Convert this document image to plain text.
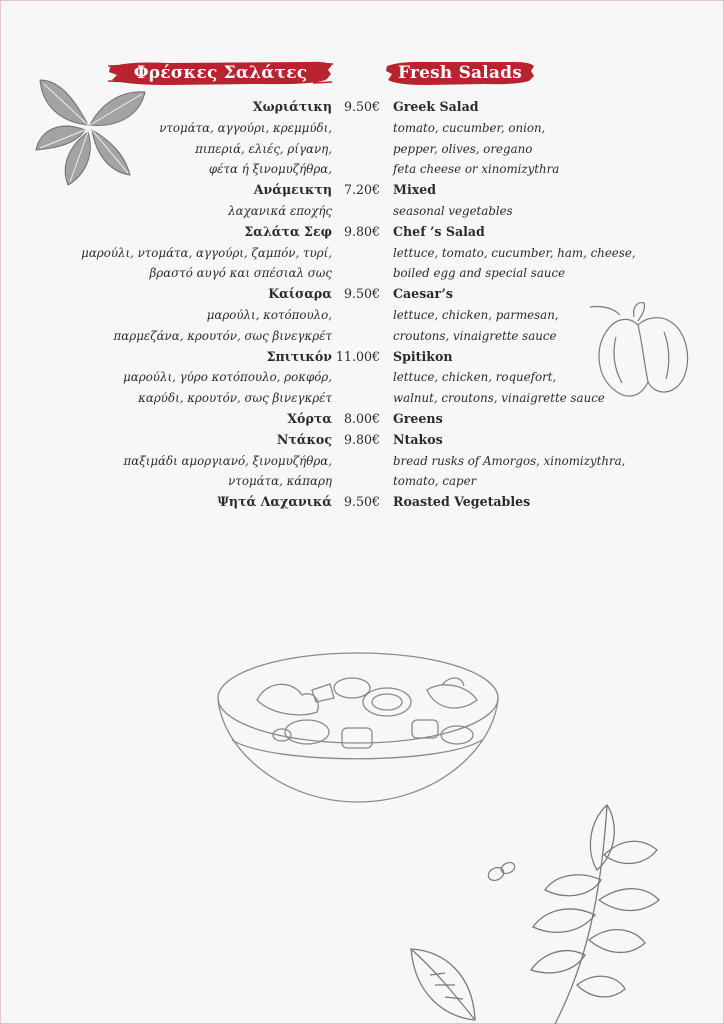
Φρέσκες Σαλάτες	Fresh Salads
Χωριάτικη 9.50€ Greek Salad
ντομάτα, αγγούρι, κρεμμύδι,	tomato, cucumber, onion,
πιπεριά, ελιές, ρίγανη,	pepper, olives, oregano
φέτα ή ξινομυζήθρα,	feta cheese or xinomizythra
Ανάμεικτη 7.20€ Mixed
λαχανικά εποχής	seasonal vegetables
Σαλάτα Σεφ 9.80€ Chef ’s Salad
μαρούλι, ντομάτα, αγγούρι, ζαμπόν, τυρί,	lettuce, tomato, cucumber, ham, cheese,
βραστό αυγό και σπέσιαλ σως	boiled egg and special sauce
Καίσαρα 9.50€ Caesar’s
μαρούλι, κοτόπουλο,	lettuce, chicken, parmesan,
παρμεζάνα, κρουτόν, σως βινεγκρέτ	croutons, vinaigrette sauce
Σπιτικόν 11.00€ Spitikon
μαρούλι, γύρο κοτόπουλο, ροκφόρ,	lettuce, chicken, roquefort,
καρύδι, κρουτόν, σως βινεγκρέτ	walnut, croutons, vinaigrette sauce
Χόρτα 8.00€ Greens
Ντάκος 9.80€ Ntakos
παξιμάδι αμοργιανό, ξινομυζήθρα,	bread rusks of Amorgos, xinomizythra,
ντομάτα, κάπαρη	tomato, caper
Ψητά Λαχανικά 9.50€ Roasted Vegetables
